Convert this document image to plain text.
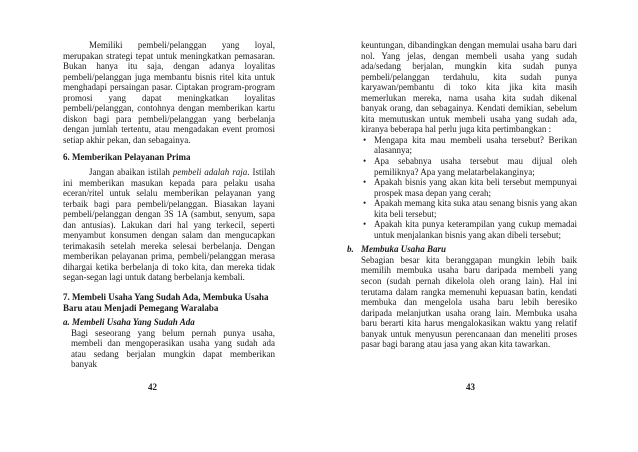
Memiliki pembeli/pelanggan yang loyal, merupakan strategi tepat untuk meningkatkan pemasaran. Bukan hanya itu saja, dengan adanya loyalitas pembeli/pelanggan juga membantu bisnis ritel kita untuk menghadapi persaingan pasar. Ciptakan program-program promosi yang dapat meningkatkan loyalitas pembeli/pelanggan, contohnya dengan memberikan kartu diskon bagi para pembeli/pelanggan yang berbelanja dengan jumlah tertentu, atau mengadakan event promosi setiap akhir pekan, dan sebagainya.

6. Memberikan Pelayanan Prima

Jangan abaikan istilah pembeli adalah raja. Istilah ini memberikan masukan kepada para pelaku usaha eceran/ritel untuk selalu memberikan pelayanan yang terbaik bagi para pembeli/pelanggan. Biasakan layani pembeli/pelanggan dengan 3S 1A (sambut, senyum, sapa dan antusias). Lakukan dari hal yang terkecil, seperti menyambut konsumen dengan salam dan mengucapkan terimakasih setelah mereka selesai berbelanja. Dengan memberikan pelayanan prima, pembeli/pelanggan merasa dihargai ketika berbelanja di toko kita, dan mereka tidak segan-segan lagi untuk datang berbelanja kembali.

7. Membeli Usaha Yang Sudah Ada, Membuka Usaha Baru atau Menjadi Pemegang Waralaba

a. Membeli Usaha Yang Sudah Ada

Bagi seseorang yang belum pernah punya usaha, membeli dan mengoperasikan usaha yang sudah ada atau sedang berjalan mungkin dapat memberikan banyak

42

keuntungan, dibandingkan dengan memulai usaha baru dari nol. Yang jelas, dengan membeli usaha yang sudah ada/sedang berjalan, mungkin kita sudah punya pembeli/pelanggan terdahulu, kita sudah punya karyawan/pembantu di toko kita jika kita masih memerlukan mereka, nama usaha kita sudah dikenal banyak orang, dan sebagainya. Kendati demikian, sebelum kita memutuskan untuk membeli usaha yang sudah ada, kiranya beberapa hal perlu juga kita pertimbangkan :

• Mengapa kita mau membeli usaha tersebut? Berikan alasannya;
• Apa sebabnya usaha tersebut mau dijual oleh pemiliknya? Apa yang melatarbelakanginya;
• Apakah bisnis yang akan kita beli tersebut mempunyai prospek masa depan yang cerah;
• Apakah memang kita suka atau senang bisnis yang akan kita beli tersebut;
• Apakah kita punya keterampilan yang cukup memadai untuk menjalankan bisnis yang akan dibeli tersebut;

b. Membuka Usaha Baru

Sebagian besar kita beranggapan mungkin lebih baik memilih membuka usaha baru daripada membeli yang secon (sudah pernah dikelola oleh orang lain). Hal ini terutama dalam rangka memenuhi kepuasan batin, kendati membuka dan mengelola usaha baru lebih beresiko daripada melanjutkan usaha orang lain. Membuka usaha baru berarti kita harus mengalokasikan waktu yang relatif banyak untuk menyusun perencanaan dan meneliti proses pasar bagi barang atau jasa yang akan kita tawarkan.

43
